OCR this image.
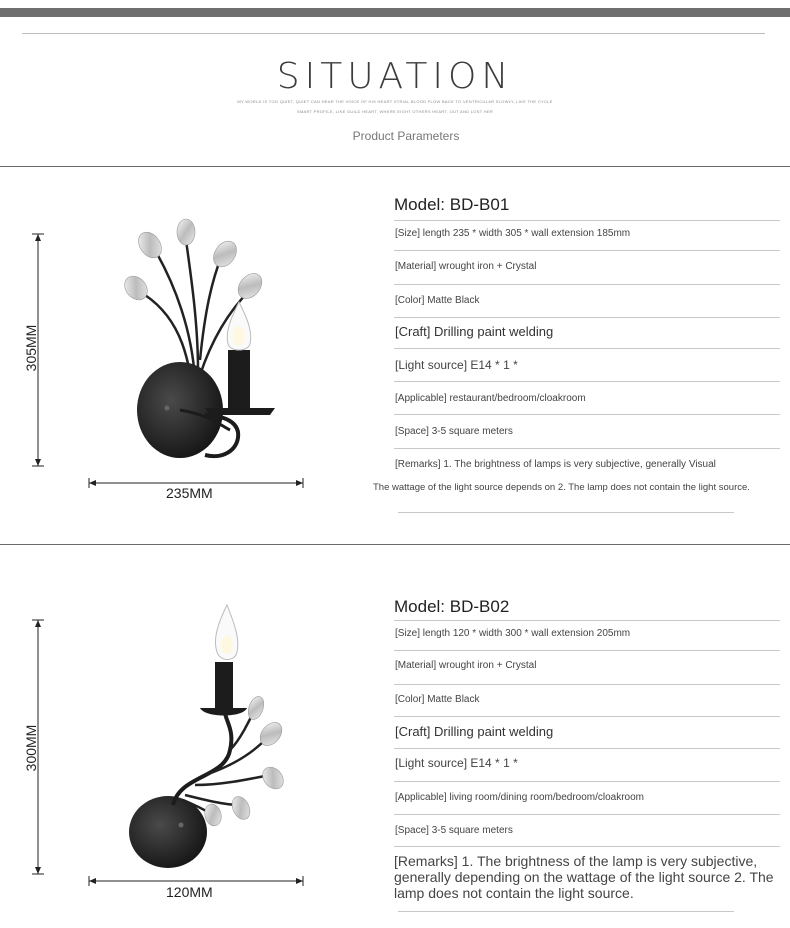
SITUATION
MY WORLD IS TOO QUIET, QUIET CAN HEAR THE VOICE OF HIS HEART XTRIAL BLOOD FLOW BACK TO VENTRICULAR SLOWLY, LIKE THE CYCLE
SMART PROFILE, LIKE GUILD HEART, WHERE EIGHT OTHERS HEART, OUT AND LOST HER
Product Parameters
305MM
235MM
Model: BD-B01
[Size] length 235 * width 305 * wall extension 185mm
[Material] wrought iron + Crystal
[Color] Matte Black
[Craft] Drilling paint welding
[Light source] E14 * 1 *
[Applicable] restaurant/bedroom/cloakroom
[Space] 3-5 square meters
[Remarks] 1. The brightness of lamps is very subjective, generally Visual
The wattage of the light source depends on 2. The lamp does not contain the light source.
300MM
120MM
Model: BD-B02
[Size] length 120 * width 300 * wall extension 205mm
[Material] wrought iron + Crystal
[Color] Matte Black
[Craft] Drilling paint welding
[Light source] E14 * 1 *
[Applicable] living room/dining room/bedroom/cloakroom
[Space] 3-5 square meters
[Remarks] 1. The brightness of the lamp is very subjective, generally depending on the wattage of the light source 2. The lamp does not contain the light source.
